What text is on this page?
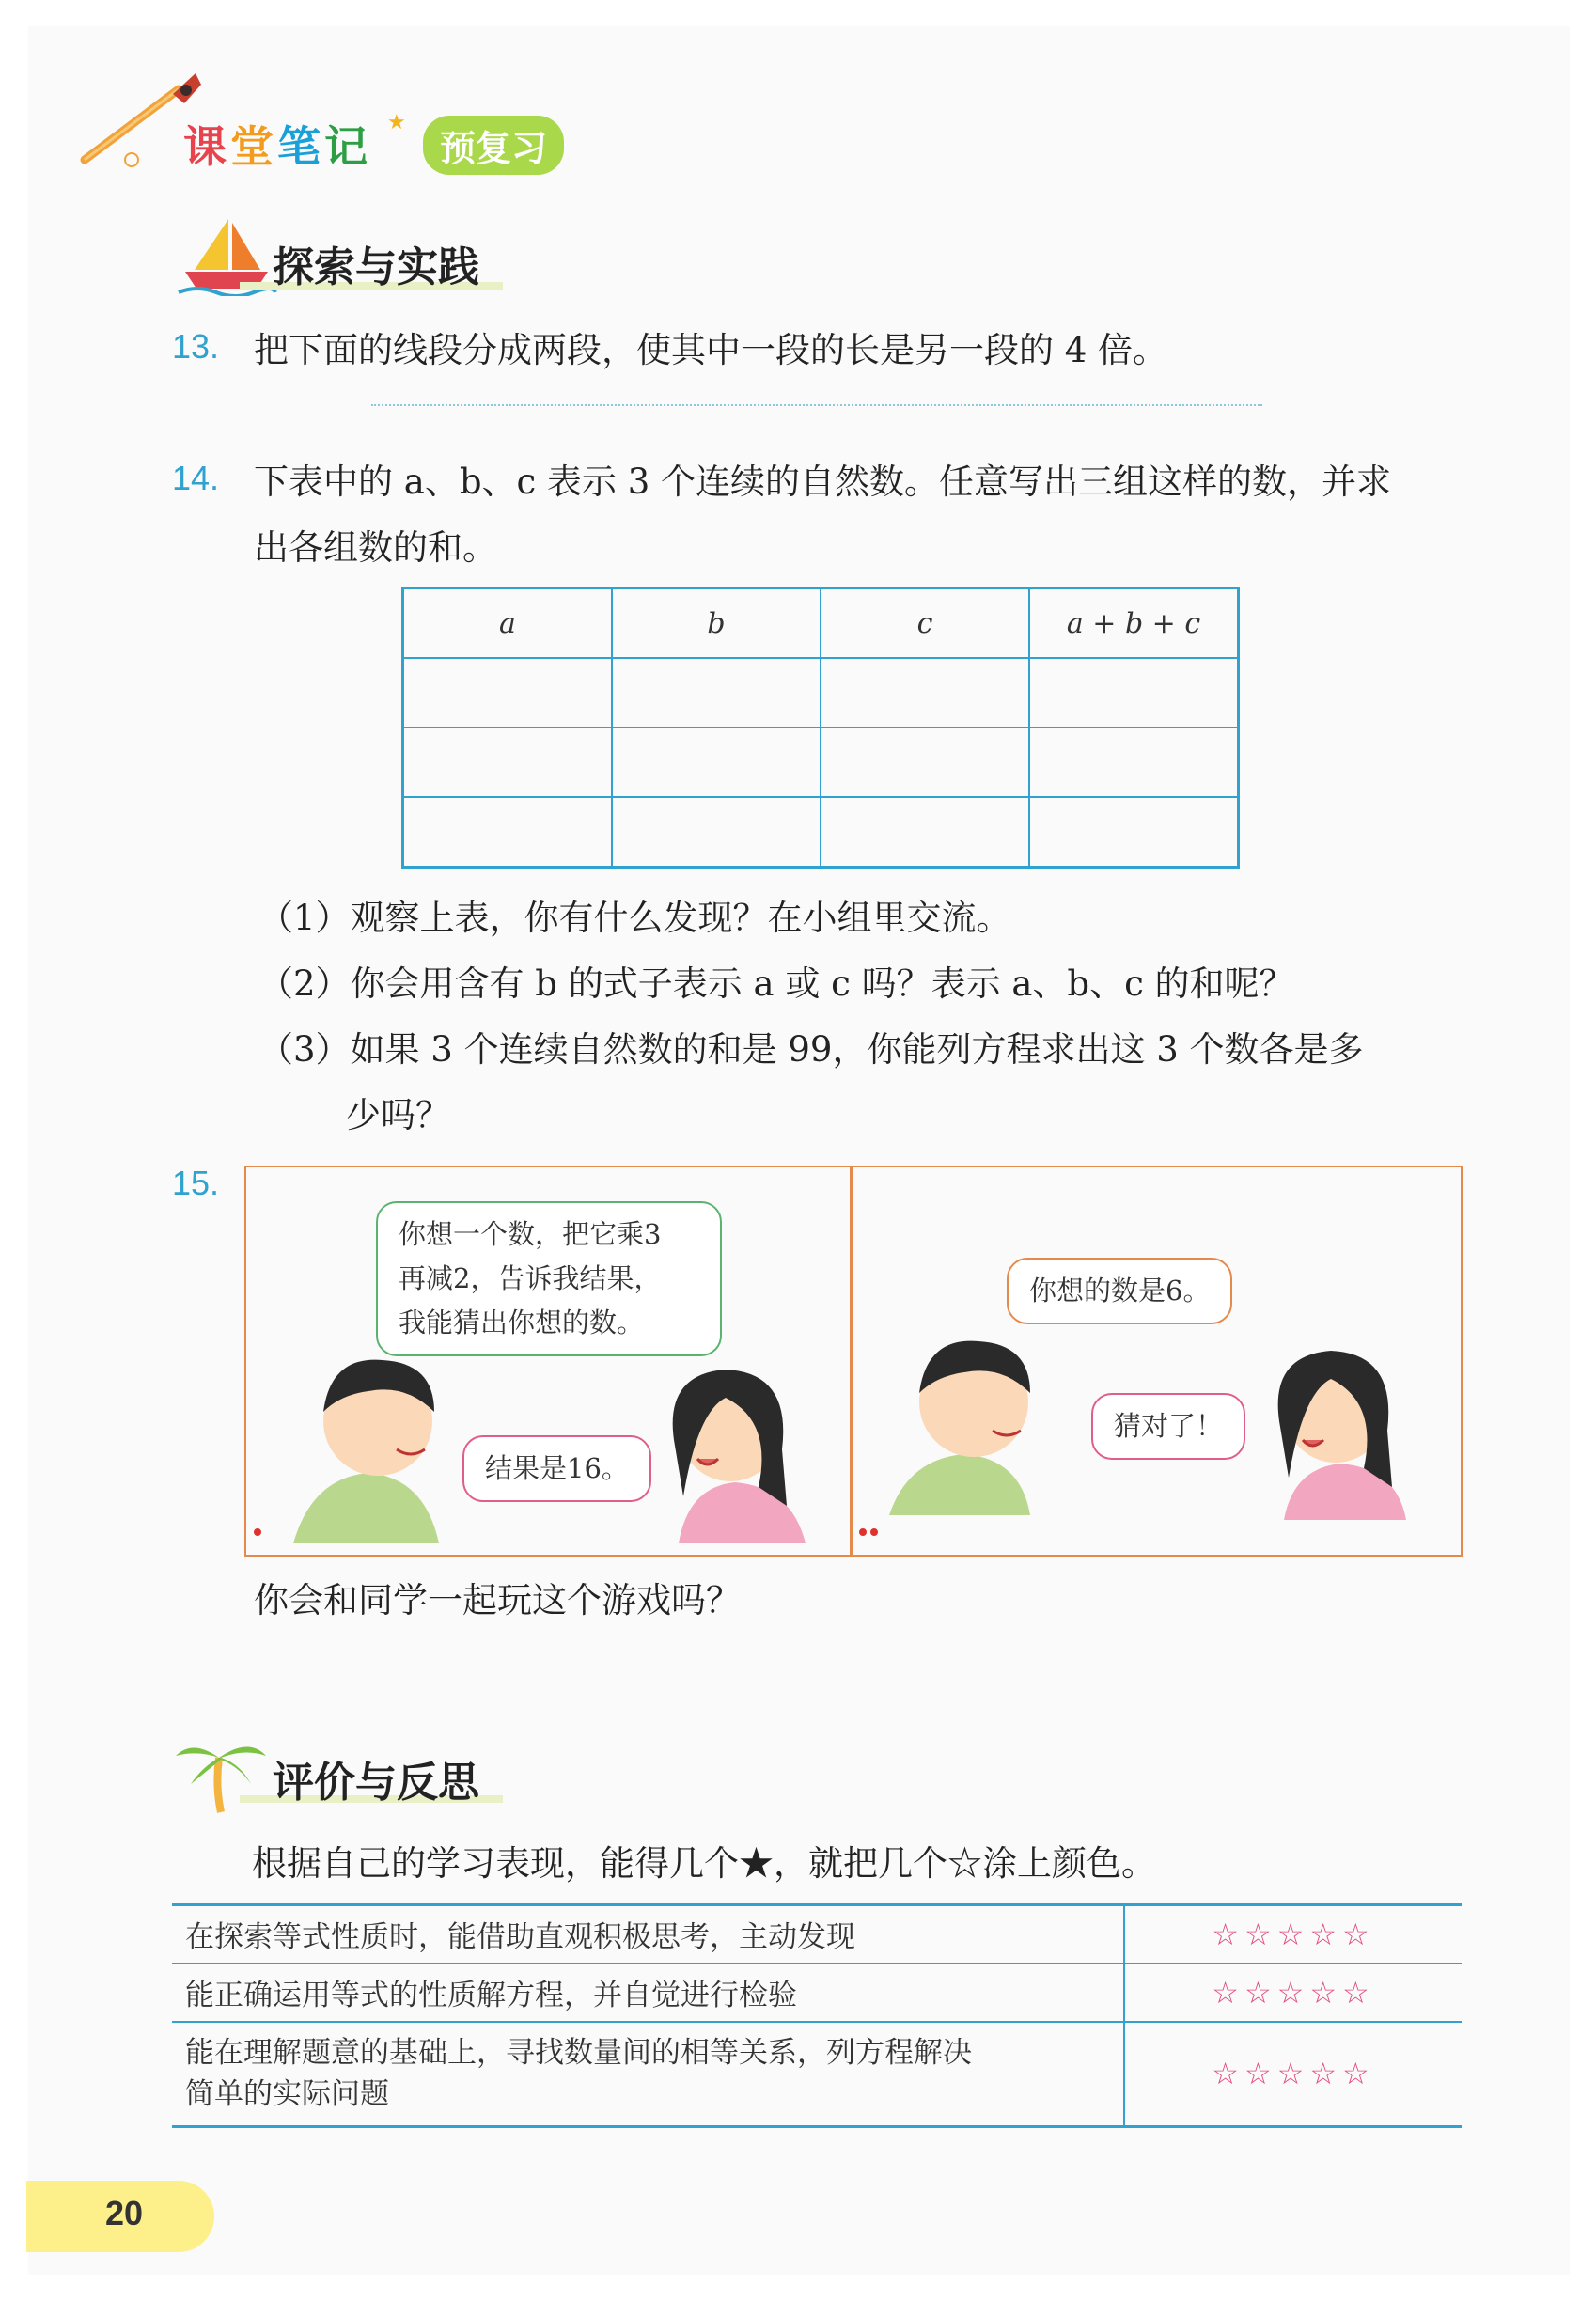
课堂笔记 ★
预复习
探索与实践
13. 把下面的线段分成两段，使其中一段的长是另一段的 4 倍。
14. 下表中的 a、b、c 表示 3 个连续的自然数。任意写出三组这样的数，并求
出各组数的和。
a	b	c	a + b + c

（1）观察上表，你有什么发现？在小组里交流。
（2）你会用含有 b 的式子表示 a 或 c 吗？表示 a、b、c 的和呢？
（3）如果 3 个连续自然数的和是 99，你能列方程求出这 3 个数各是多
少吗？
15.
你想一个数，把它乘3
再减2，告诉我结果，
我能猜出你想的数。
结果是16。
你想的数是6。
猜对了！
你会和同学一起玩这个游戏吗？
评价与反思
根据自己的学习表现，能得几个★，就把几个☆涂上颜色。
在探索等式性质时，能借助直观积极思考，主动发现	☆☆☆☆☆
能正确运用等式的性质解方程，并自觉进行检验	☆☆☆☆☆

能在理解题意的基础上，寻找数量间的相等关系，列方程解决
简单的实际问题	☆☆☆☆☆
20
